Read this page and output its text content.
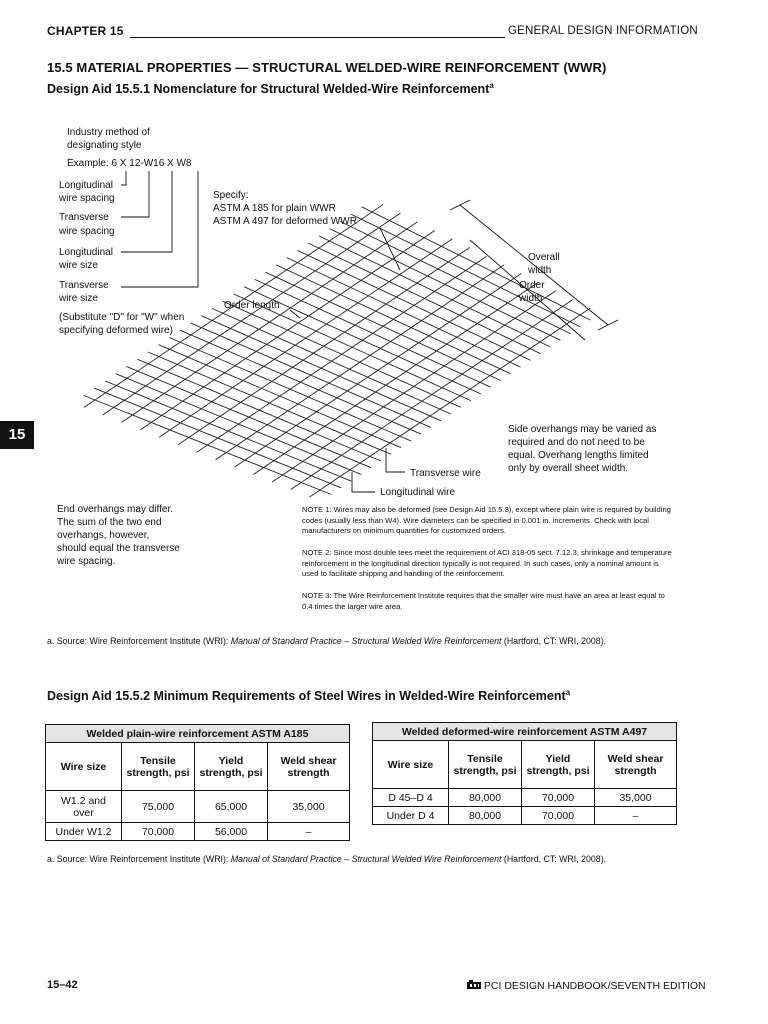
CHAPTER 15	GENERAL DESIGN INFORMATION
15.5 MATERIAL PROPERTIES — STRUCTURAL WELDED-WIRE REINFORCEMENT (WWR)
Design Aid 15.5.1 Nomenclature for Structural Welded-Wire Reinforcement$^a$
15
Industry method of
designating style
Example: 6 X 12-W16 X W8
Longitudinal
wire spacing
Transverse
wire spacing
Longitudinal
wire size
Transverse
wire size
(Substitute "D" for "W" when
specifying deformed wire)
Specify:
ASTM A 185 for plain WWR
ASTM A 497 for deformed WWR
Order length
Overall
width
Order
width
Side overhangs may be varied as
required and do not need to be
equal. Overhang lengths limited
only by overall sheet width.
Transverse wire
Longitudinal wire
End overhangs may differ.
The sum of the two end
overhangs, however,
should equal the transverse
wire spacing.
NOTE 1: Wires may also be deformed (see Design Aid 15.5.3), except where plain wire is required by building codes (usually less than W4). Wire diameters can be specified in 0.001 in. increments. Check with local manufacturers on minimum quantities for customized orders.
NOTE 2: Since most double tees meet the requirement of ACI 318-05 sect. 7.12.3, shrinkage and temperature reinforcement in the longitudinal direction typically is not required. In such cases, only a nominal amount is used to facilitate shipping and handling of the reinforcement.
NOTE 3: The Wire Reinforcement Institute requires that the smaller wire must have an area at least equal to 0.4 times the larger wire area.
a. Source: Wire Reinforcement Institute (WRI): Manual of Standard Practice – Structural Welded Wire Reinforcement (Hartford, CT: WRI, 2008).
Design Aid 15.5.2 Minimum Requirements of Steel Wires in Welded-Wire Reinforcement$^a$
Welded plain-wire reinforcement ASTM A185			
Wire size	Tensile strength, psi	Yield strength, psi	Weld shear strength
W1.2 and over	75,000	65,000	35,000
Under W1.2	70,000	56,000	–
Welded deformed-wire reinforcement ASTM A497			
Wire size	Tensile strength, psi	Yield strength, psi	Weld shear strength
D 45–D 4	80,000	70,000	35,000
Under D 4	80,000	70,000	–
a. Source: Wire Reinforcement Institute (WRI): Manual of Standard Practice – Structural Welded Wire Reinforcement (Hartford, CT: WRI, 2008).
15–42	PCI DESIGN HANDBOOK/SEVENTH EDITION
